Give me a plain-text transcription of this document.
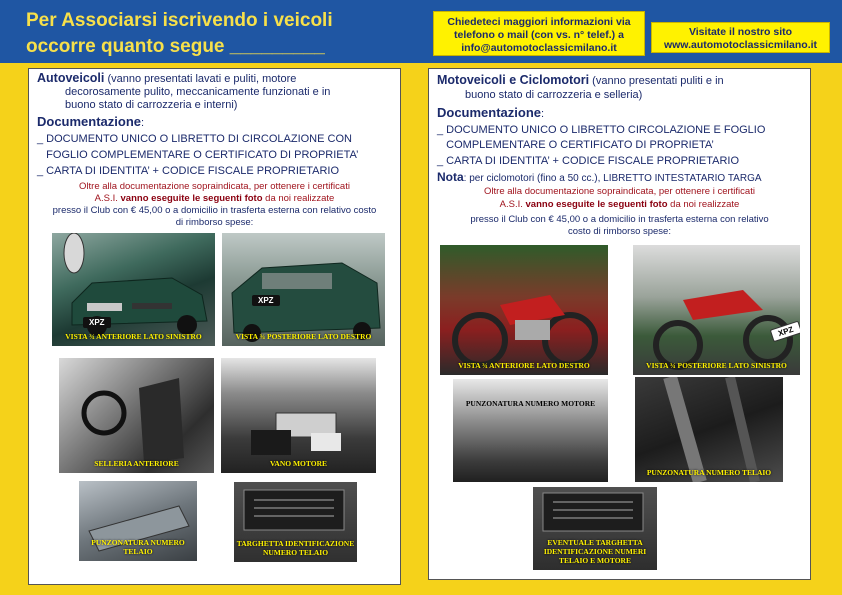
Per Associarsi iscrivendo i veicoli
occorre quanto segue _________
Chiedeteci maggiori informazioni via
telefono o mail (con vs. n° telef.) a
info@automotoclassicmilano.it
Visitate il nostro sito
www.automotoclassicmilano.it
Autoveicoli (vanno presentati lavati e puliti, motore
decorosamente pulito, meccanicamente funzionati e in
buono stato di carrozzeria e interni)
Documentazione:
_ DOCUMENTO UNICO O LIBRETTO DI CIRCOLAZIONE CON
FOGLIO COMPLEMENTARE O CERTIFICATO DI PROPRIETA’
_ CARTA DI IDENTITA’ + CODICE FISCALE PROPRIETARIO
Oltre alla documentazione sopraindicata, per ottenere i certificati
A.S.I. vanno eseguite le seguenti foto da noi realizzate
presso il Club con € 45,00 o a domicilio in trasferta esterna con relativo costo
di rimborso spese:
XPZ
VISTA ¾ ANTERIORE LATO SINISTRO
XPZ
VISTA ¾ POSTERIORE LATO DESTRO
SELLERIA ANTERIORE	VANO MOTORE
PUNZONATURA NUMERO TELAIO
TARGHETTA IDENTIFICAZIONE NUMERO TELAIO
Motoveicoli e Ciclomotori (vanno presentati puliti e in
buono stato di carrozzeria e selleria)
Documentazione:
_ DOCUMENTO UNICO O LIBRETTO CIRCOLAZIONE E FOGLIO
COMPLEMENTARE O CERTIFICATO DI PROPRIETA’
_ CARTA DI IDENTITA’ + CODICE FISCALE PROPRIETARIO
Nota: per ciclomotori (fino a 50 cc.), LIBRETTO INTESTATARIO TARGA
Oltre alla documentazione sopraindicata, per ottenere i certificati
A.S.I. vanno eseguite le seguenti foto da noi realizzate
presso il Club con € 45,00 o a domicilio in trasferta esterna con relativo
costo di rimborso spese:
VISTA ¾ ANTERIORE LATO DESTRO
XPZ
VISTA ¾ POSTERIORE LATO SINISTRO
PUNZONATURA NUMERO MOTORE
PUNZONATURA NUMERO TELAIO
EVENTUALE TARGHETTA IDENTIFICAZIONE NUMERI TELAIO E MOTORE
